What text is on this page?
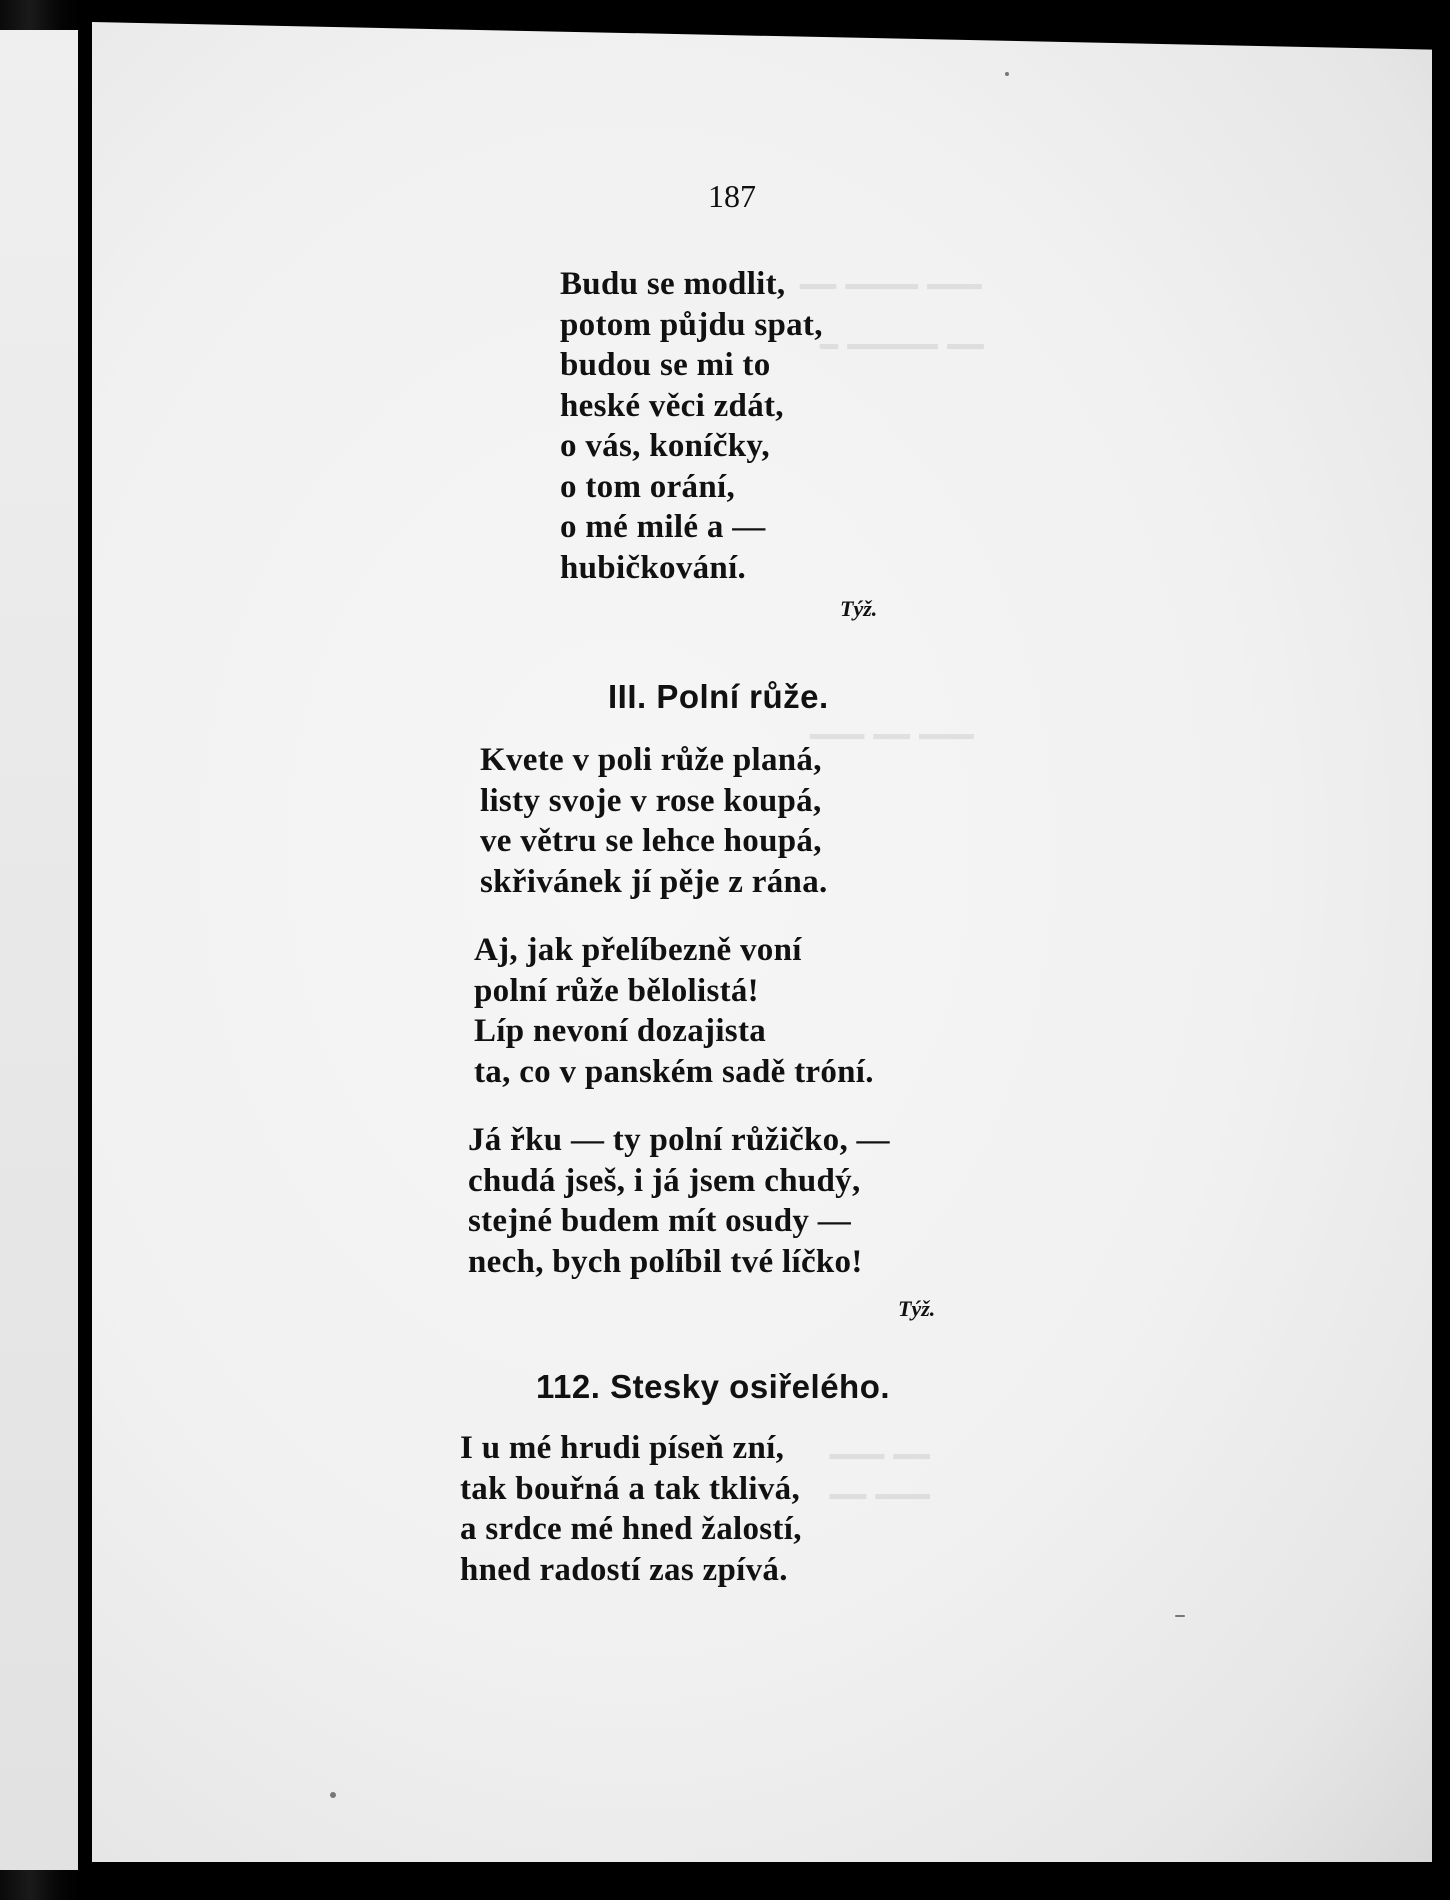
━━━ ━━━━ ━━
━━ ━━━━━ ━
━━━ ━━ ━━━
━━ ━━━
━━━ ━━
187
Budu se modlit,
potom půjdu spat,
budou se mi to
heské věci zdát,
o vás, koníčky,
o tom orání,
o mé milé a —
hubičkování.
Týž.
III. Polní růže.
Kvete v poli růže planá,
listy svoje v rose koupá,
ve větru se lehce houpá,
skřivánek jí pěje z rána.
Aj, jak přelíbezně voní
polní růže bělolistá!
Líp nevoní dozajista
ta, co v panském sadě tróní.
Já řku — ty polní růžičko, —
chudá jseš, i já jsem chudý,
stejné budem mít osudy —
nech, bych políbil tvé líčko!
Týž.
112. Stesky osiřelého.
I u mé hrudi píseň zní,
tak bouřná a tak tklivá,
a srdce mé hned žalostí,
hned radostí zas zpívá.
